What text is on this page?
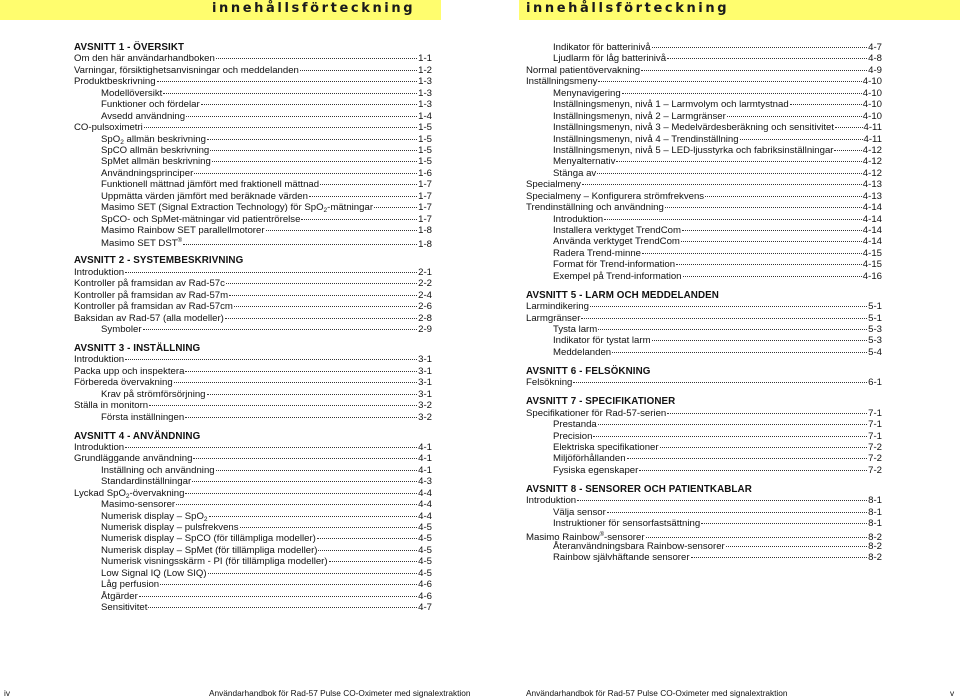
innehållsförteckning	innehållsförteckning
AVSNITT 1 - ÖVERSIKT
Om den här användarhandboken	1-1
Varningar, försiktighetsanvisningar och meddelanden	1-2
Produktbeskrivning	1-3
Modellöversikt	1-3
Funktioner och fördelar	1-3
Avsedd användning	1-4
CO-pulsoximetri	1-5
SpO$_2$ allmän beskrivning	1-5
SpCO allmän beskrivning	1-5
SpMet allmän beskrivning	1-5
Användningsprinciper	1-6
Funktionell mättnad jämfört med fraktionell mättnad	1-7
Uppmätta värden jämfört med beräknade värden	1-7
Masimo SET (Signal Extraction Technology) för SpO$_2$-mätningar	1-7
SpCO- och SpMet-mätningar vid patientrörelse	1-7
Masimo Rainbow SET parallellmotorer	1-8
Masimo SET DST®	1-8
AVSNITT 2 - SYSTEMBESKRIVNING
Introduktion	2-1
Kontroller på framsidan av Rad-57c	2-2
Kontroller på framsidan av Rad-57m	2-4
Kontroller på framsidan av Rad-57cm	2-6
Baksidan av Rad-57 (alla modeller)	2-8
Symboler	2-9
AVSNITT 3 - INSTÄLLNING
Introduktion	3-1
Packa upp och inspektera	3-1
Förbereda övervakning	3-1
Krav på strömförsörjning	3-1
Ställa in monitorn	3-2
Första inställningen	3-2
AVSNITT 4 - ANVÄNDNING
Introduktion	4-1
Grundläggande användning	4-1
Inställning och användning	4-1
Standardinställningar	4-3
Lyckad SpO$_2$-övervakning	4-4
Masimo-sensorer	4-4
Numerisk display – SpO$_2$	4-4
Numerisk display – pulsfrekvens	4-5
Numerisk display – SpCO (för tillämpliga modeller)	4-5
Numerisk display – SpMet (för tillämpliga modeller)	4-5
Numerisk visningsskärm - PI (för tillämpliga modeller)	4-5
Low Signal IQ (Low SIQ)	4-5
Låg perfusion	4-6
Åtgärder	4-6
Sensitivitet	4-7
Indikator för batterinivå	4-7
Ljudlarm för låg batterinivå	4-8
Normal patientövervakning	4-9
Inställningsmeny	4-10
Menynavigering	4-10
Inställningsmenyn, nivå 1 – Larmvolym och larmtystnad	4-10
Inställningsmenyn, nivå 2 – Larmgränser	4-10
Inställningsmenyn, nivå 3 – Medelvärdesberäkning och sensitivitet	4-11
Inställningsmenyn, nivå 4 – Trendinställning	4-11
Inställningsmenyn, nivå 5 – LED-ljusstyrka och fabriksinställningar	4-12
Menyalternativ	4-12
Stänga av	4-12
Specialmeny	4-13
Specialmeny – Konfigurera strömfrekvens	4-13
Trendinställning och användning	4-14
Introduktion	4-14
Installera verktyget TrendCom	4-14
Använda verktyget TrendCom	4-14
Radera Trend-minne	4-15
Format för Trend-information	4-15
Exempel på Trend-information	4-16
AVSNITT 5 - LARM OCH MEDDELANDEN
Larmindikering	5-1
Larmgränser	5-1
Tysta larm	5-3
Indikator för tystat larm	5-3
Meddelanden	5-4
AVSNITT 6 - FELSÖKNING
Felsökning	6-1
AVSNITT 7 - SPECIFIKATIONER
Specifikationer för Rad-57-serien	7-1
Prestanda	7-1
Precision	7-1
Elektriska specifikationer	7-2
Miljöförhållanden	7-2
Fysiska egenskaper	7-2
AVSNITT 8 - SENSORER OCH PATIENTKABLAR
Introduktion	8-1
Välja sensor	8-1
Instruktioner för sensorfastsättning	8-1
Masimo Rainbow®-sensorer	8-2
Återanvändningsbara Rainbow-sensorer	8-2
Rainbow självhäftande sensorer	8-2
iv	Användarhandbok för Rad-57 Pulse CO-Oximeter med signalextraktion	Användarhandbok för Rad-57 Pulse CO-Oximeter med signalextraktion	v
